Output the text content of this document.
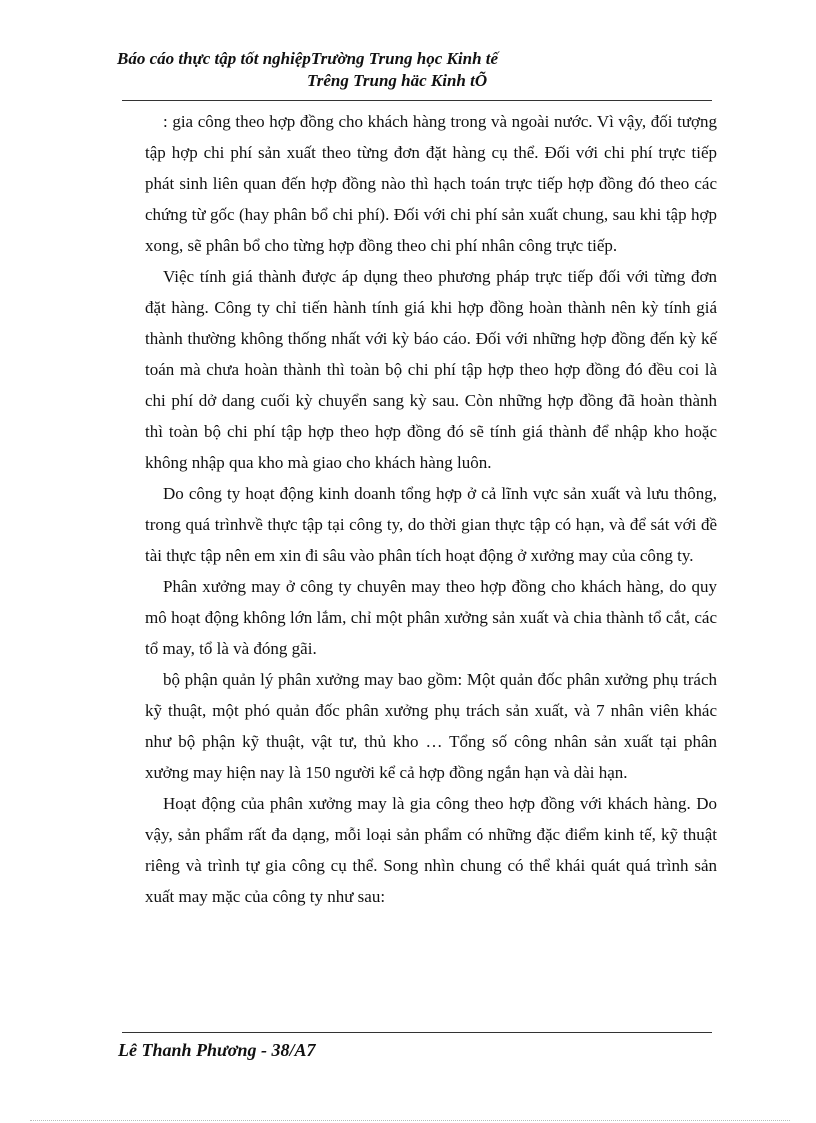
Báo cáo thực tập tốt nghiệpTrường Trung học Kinh tế
Trêng Trung häc Kinh tÕ

: gia công theo hợp đồng cho khách hàng trong và ngoài nước. Vì vậy, đối tượng tập hợp chi phí sản xuất theo từng đơn đặt hàng cụ thể. Đối với chi phí trực tiếp phát sinh liên quan đến hợp đồng nào thì hạch toán trực tiếp hợp đồng đó theo các chứng từ gốc (hay phân bổ chi phí). Đối với chi phí sản xuất chung, sau khi tập hợp xong, sẽ phân bổ cho từng hợp đồng theo chi phí nhân công trực tiếp.

Việc tính giá thành được áp dụng theo phương pháp trực tiếp đối với từng đơn đặt hàng. Công ty chỉ tiến hành tính giá khi hợp đồng hoàn thành nên kỳ tính giá thành thường không thống nhất với kỳ báo cáo. Đối với những hợp đồng đến kỳ kế toán mà chưa hoàn thành thì toàn bộ chi phí tập hợp theo hợp đồng đó đều coi là chi phí dở dang cuối kỳ chuyển sang kỳ sau. Còn những hợp đồng đã hoàn thành thì toàn bộ chi phí tập hợp theo hợp đồng đó sẽ tính giá thành để nhập kho hoặc không nhập qua kho mà giao cho khách hàng luôn.

Do công ty hoạt động kinh doanh tổng hợp ở cả lĩnh vực sản xuất và lưu thông, trong quá trìnhvề thực tập tại công ty, do thời gian thực tập có hạn, và để sát với đề tài thực tập nên em xin đi sâu vào phân tích hoạt động ở xưởng may của công ty.

Phân xưởng may ở công ty chuyên may theo hợp đồng cho khách hàng, do quy mô hoạt động không lớn lắm, chỉ một phân xưởng sản xuất và chia thành tổ cắt, các tổ may, tổ là và đóng gãi.

bộ phận quản lý phân xưởng may bao gồm: Một quản đốc phân xưởng phụ trách kỹ thuật, một phó quản đốc phân xưởng phụ trách sản xuất, và 7 nhân viên khác như bộ phận kỹ thuật, vật tư, thủ kho … Tổng số công nhân sản xuất tại phân xưởng may hiện nay là 150 người kể cả hợp đồng ngắn hạn và dài hạn.

Hoạt động của phân xưởng may là gia công theo hợp đồng với khách hàng. Do vậy, sản phẩm rất đa dạng, mỗi loại sản phẩm có những đặc điểm kinh tế, kỹ thuật riêng và trình tự gia công cụ thể. Song nhìn chung có thể khái quát quá trình sản xuất may mặc của công ty như sau:

Lê Thanh Phương - 38/A7
